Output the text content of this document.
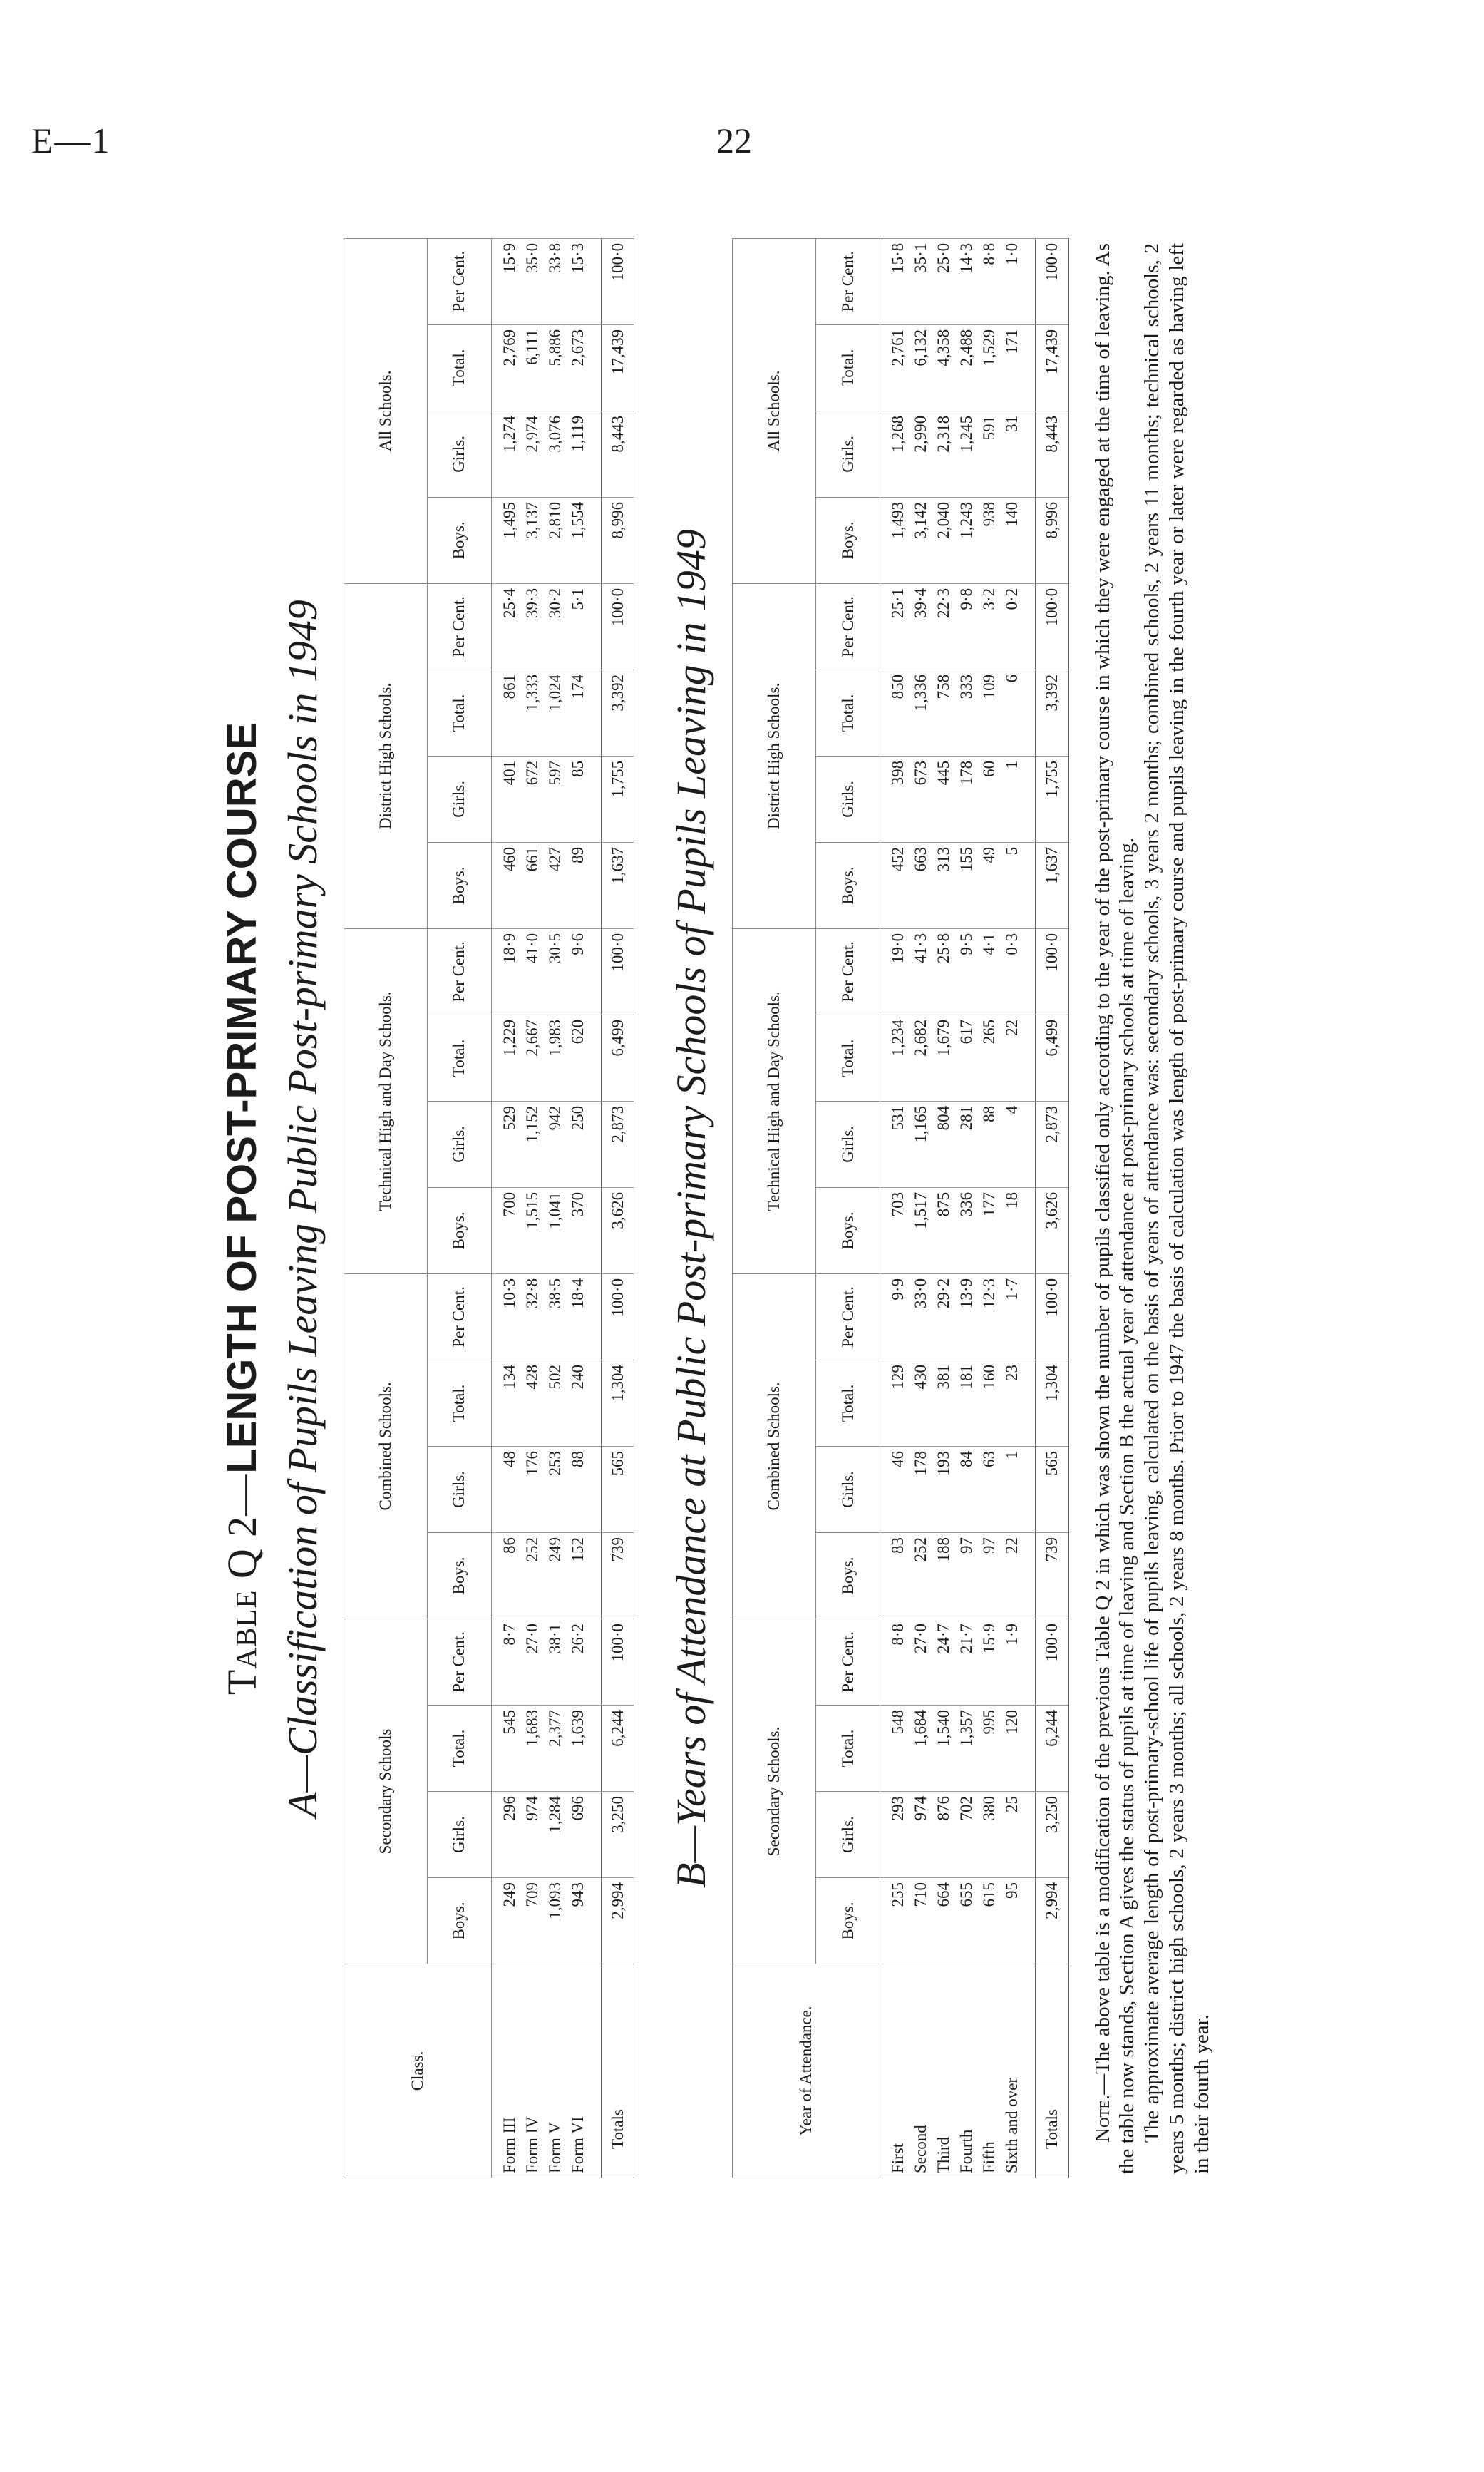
E—1	22
Table Q 2—LENGTH OF POST-PRIMARY COURSE A—Classification of Pupils Leaving Public Post-primary Schools in 1949
Class.	Secondary Schools				Combined Schools.				Technical High and Day Schools.				District High Schools.				All Schools.			
	Boys.	Girls.	Total.	Per Cent.	Boys.	Girls.	Total.	Per Cent.	Boys.	Girls.	Total.	Per Cent.	Boys.	Girls.	Total.	Per Cent.	Boys.	Girls.	Total.	Per Cent.

Form III	249	296	545	8·7	86	48	134	10·3	700	529	1,229	18·9	460	401	861	25·4	1,495	1,274	2,769	15·9

Form IV	709	974	1,683	27·0	252	176	428	32·8	1,515	1,152	2,667	41·0	661	672	1,333	39·3	3,137	2,974	6,111	35·0

Form V	1,093	1,284	2,377	38·1	249	253	502	38·5	1,041	942	1,983	30·5	427	597	1,024	30·2	2,810	3,076	5,886	33·8

Form VI	943	696	1,639	26·2	152	88	240	18·4	370	250	620	9·6	89	85	174	5·1	1,554	1,119	2,673	15·3

Totals	2,994	3,250	6,244	100·0	739	565	1,304	100·0	3,626	2,873	6,499	100·0	1,637	1,755	3,392	100·0	8,996	8,443	17,439	100·0
B—Years of Attendance at Public Post-primary Schools of Pupils Leaving in 1949
Year of Attendance.	Secondary Schools.				Combined Schools.				Technical High and Day Schools.				District High Schools.				All Schools.			
	Boys.	Girls.	Total.	Per Cent.	Boys.	Girls.	Total.	Per Cent.	Boys.	Girls.	Total.	Per Cent.	Boys.	Girls.	Total.	Per Cent.	Boys.	Girls.	Total.	Per Cent.

First	255	293	548	8·8	83	46	129	9·9	703	531	1,234	19·0	452	398	850	25·1	1,493	1,268	2,761	15·8

Second	710	974	1,684	27·0	252	178	430	33·0	1,517	1,165	2,682	41·3	663	673	1,336	39·4	3,142	2,990	6,132	35·1

Third	664	876	1,540	24·7	188	193	381	29·2	875	804	1,679	25·8	313	445	758	22·3	2,040	2,318	4,358	25·0

Fourth	655	702	1,357	21·7	97	84	181	13·9	336	281	617	9·5	155	178	333	9·8	1,243	1,245	2,488	14·3

Fifth	615	380	995	15·9	97	63	160	12·3	177	88	265	4·1	49	60	109	3·2	938	591	1,529	8·8

Sixth and over	95	25	120	1·9	22	1	23	1·7	18	4	22	0·3	5	1	6	0·2	140	31	171	1·0

Totals	2,994	3,250	6,244	100·0	739	565	1,304	100·0	3,626	2,873	6,499	100·0	1,637	1,755	3,392	100·0	8,996	8,443	17,439	100·0

Note.—The above table is a modification of the previous Table Q 2 in which was shown the number of pupils classified only according to the year of the post-primary course in which they were engaged at the time of leaving. As the table now stands, Section A gives the status of pupils at time of leaving and Section B the actual year of attendance at post-primary schools at time of leaving. The approximate average length of post-primary-school life of pupils leaving, calculated on the basis of years of attendance was: secondary schools, 3 years 2 months; combined schools, 2 years 11 months; technical schools, 2 years 5 months; district high schools, 2 years 3 months; all schools, 2 years 8 months. Prior to 1947 the basis of calculation was length of post-primary course and pupils leaving in the fourth year or later were regarded as having left in their fourth year.
